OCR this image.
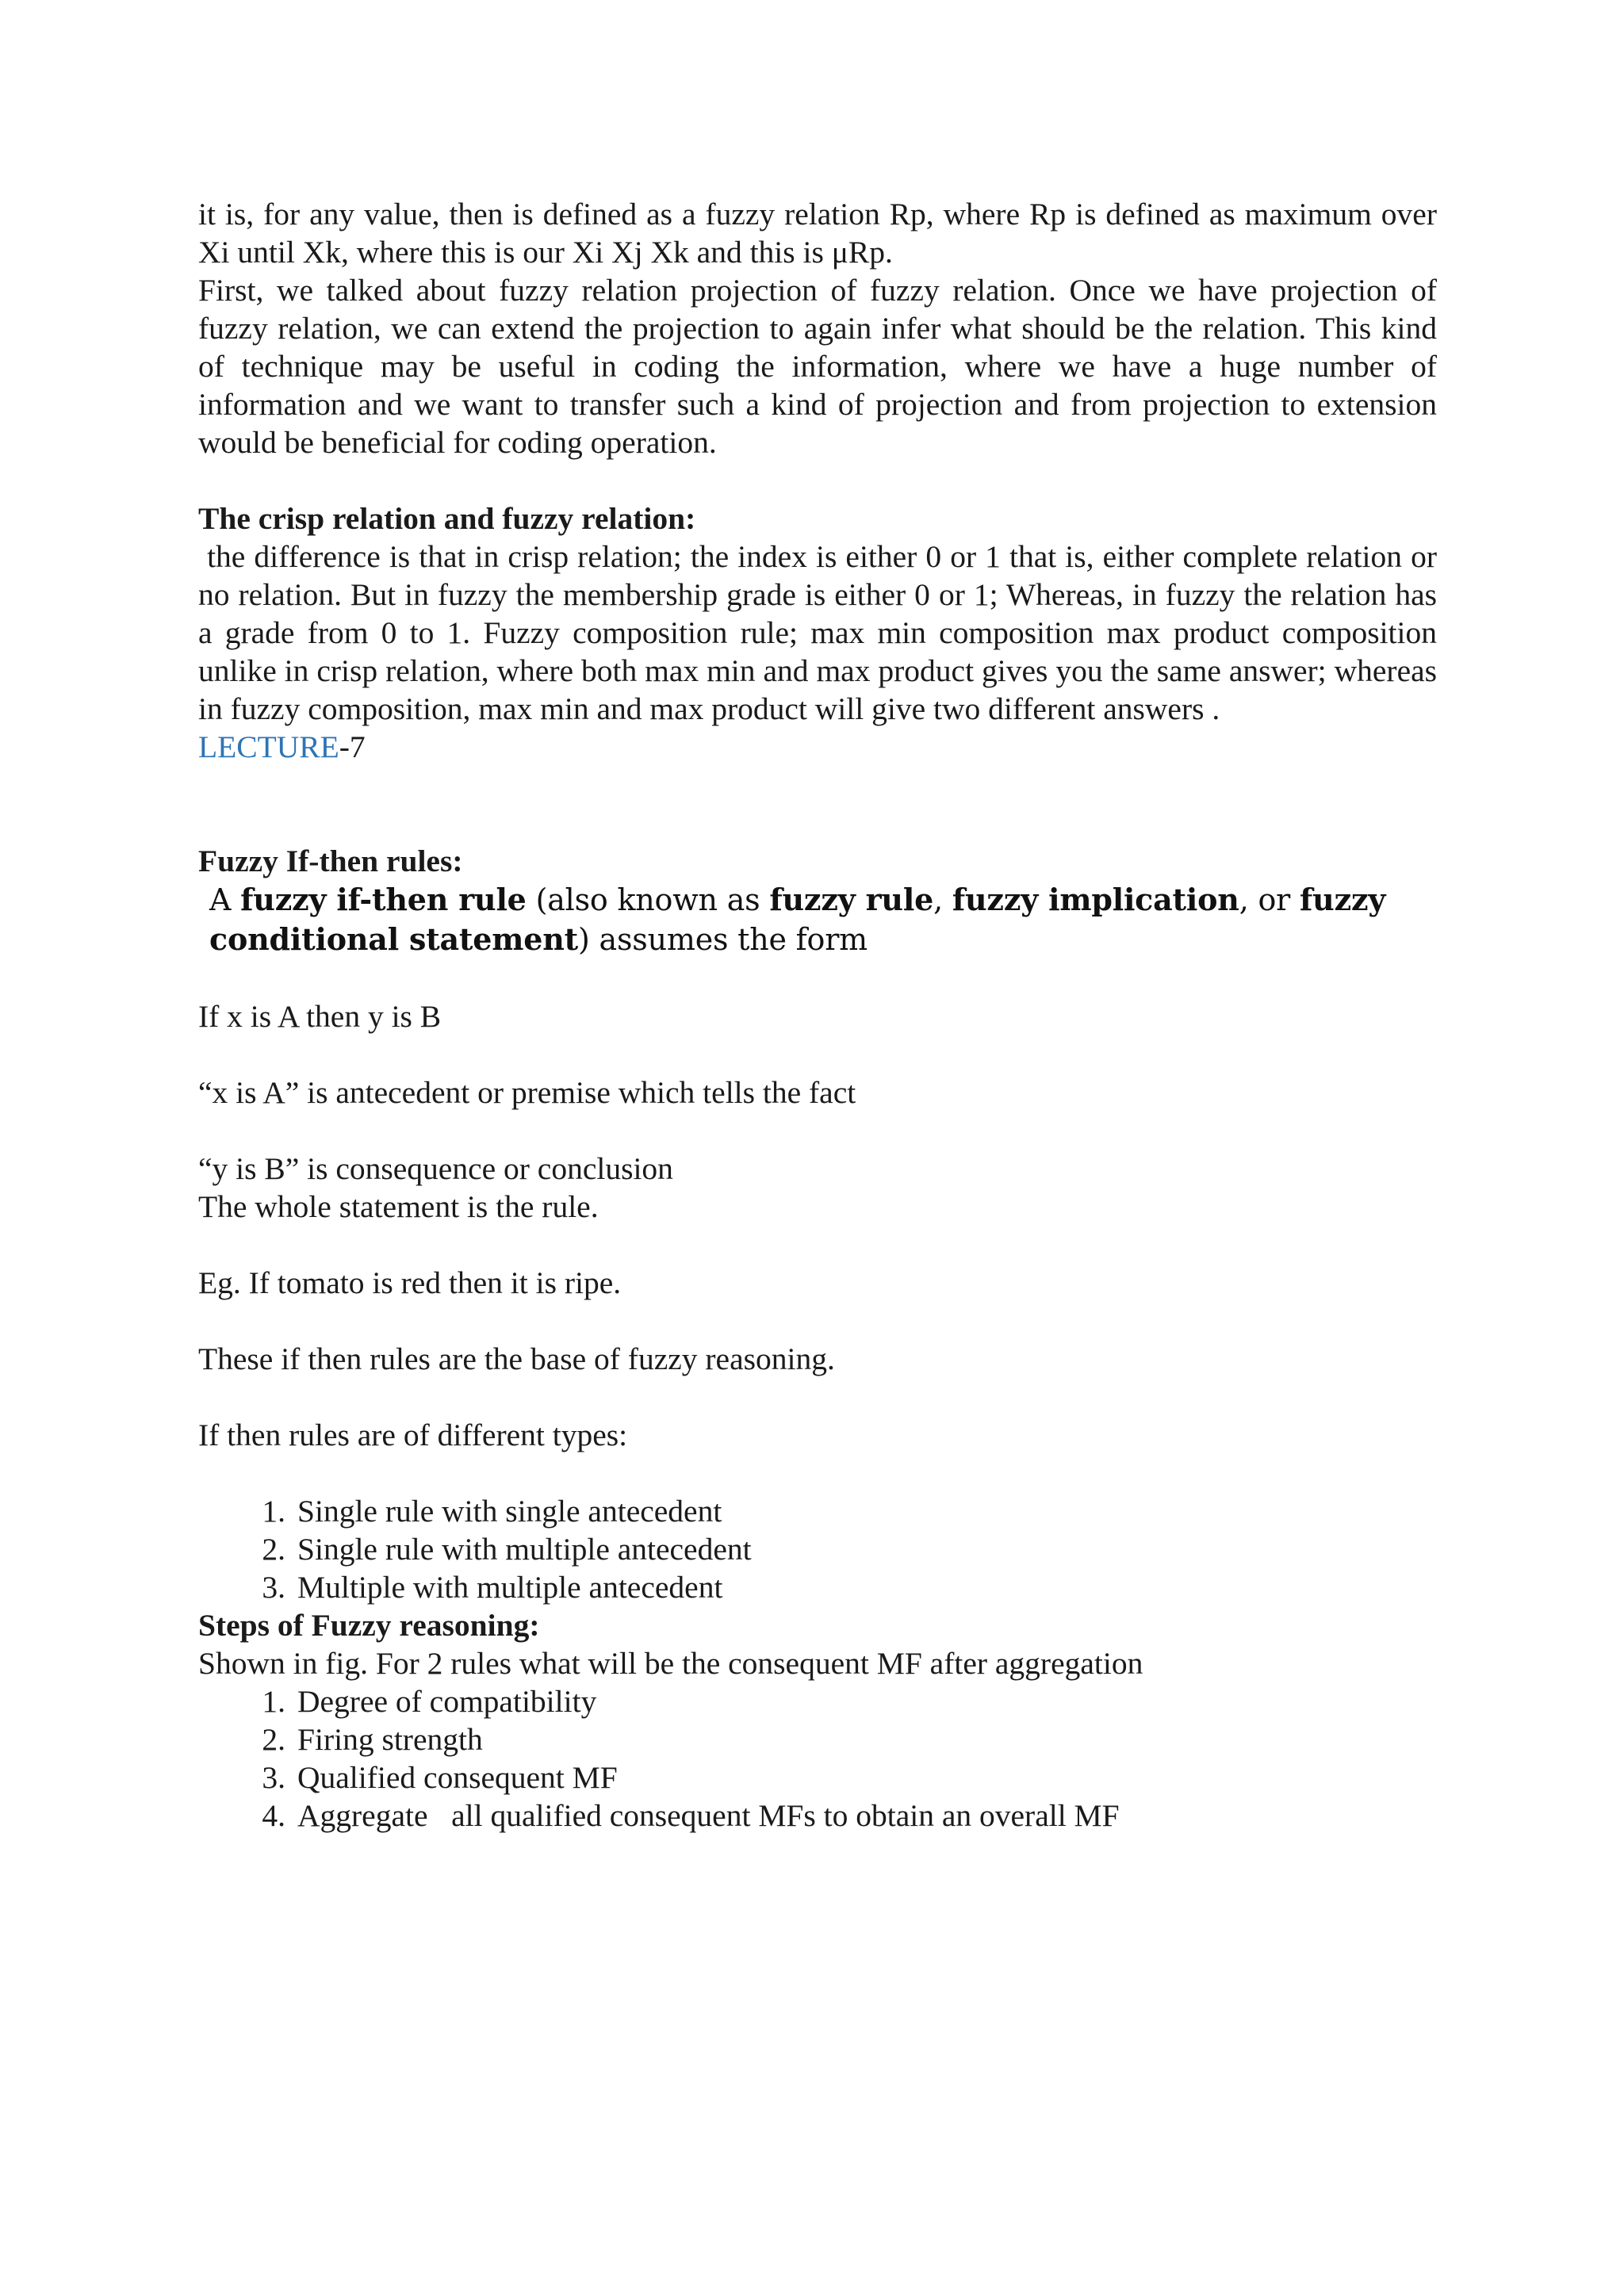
it is, for any value, then is defined as a fuzzy relation Rp, where Rp is defined as maximum over Xi until Xk, where this is our Xi Xj Xk and this is μRp.

First, we talked about fuzzy relation projection of fuzzy relation. Once we have projection of fuzzy relation, we can extend the projection to again infer what should be the relation. This kind of technique may be useful in coding the information, where we have a huge number of information and we want to transfer such a kind of projection and from projection to extension would be beneficial for coding operation.

The crisp relation and fuzzy relation:

the difference is that in crisp relation; the index is either 0 or 1 that is, either complete relation or no relation. But in fuzzy the membership grade is either 0 or 1; Whereas, in fuzzy the relation has a grade from 0 to 1. Fuzzy composition rule; max min composition max product composition unlike in crisp relation, where both max min and max product gives you the same answer; whereas in fuzzy composition, max min and max product will give two different answers .

LECTURE-7

Fuzzy If-then rules:

A fuzzy if-then rule (also known as fuzzy rule, fuzzy implication, or fuzzy conditional statement) assumes the form

If x is A then y is B

“x is A” is antecedent or premise which tells the fact

“y is B” is consequence or conclusion

The whole statement is the rule.

Eg. If tomato is red then it is ripe.

These if then rules are the base of fuzzy reasoning.

If then rules are of different types:

1. Single rule with single antecedent
2. Single rule with multiple antecedent
3. Multiple with multiple antecedent

Steps of Fuzzy reasoning:

Shown in fig. For 2 rules what will be the consequent MF after aggregation

1. Degree of compatibility
2. Firing strength
3. Qualified consequent MF
4. Aggregate   all qualified consequent MFs to obtain an overall MF
